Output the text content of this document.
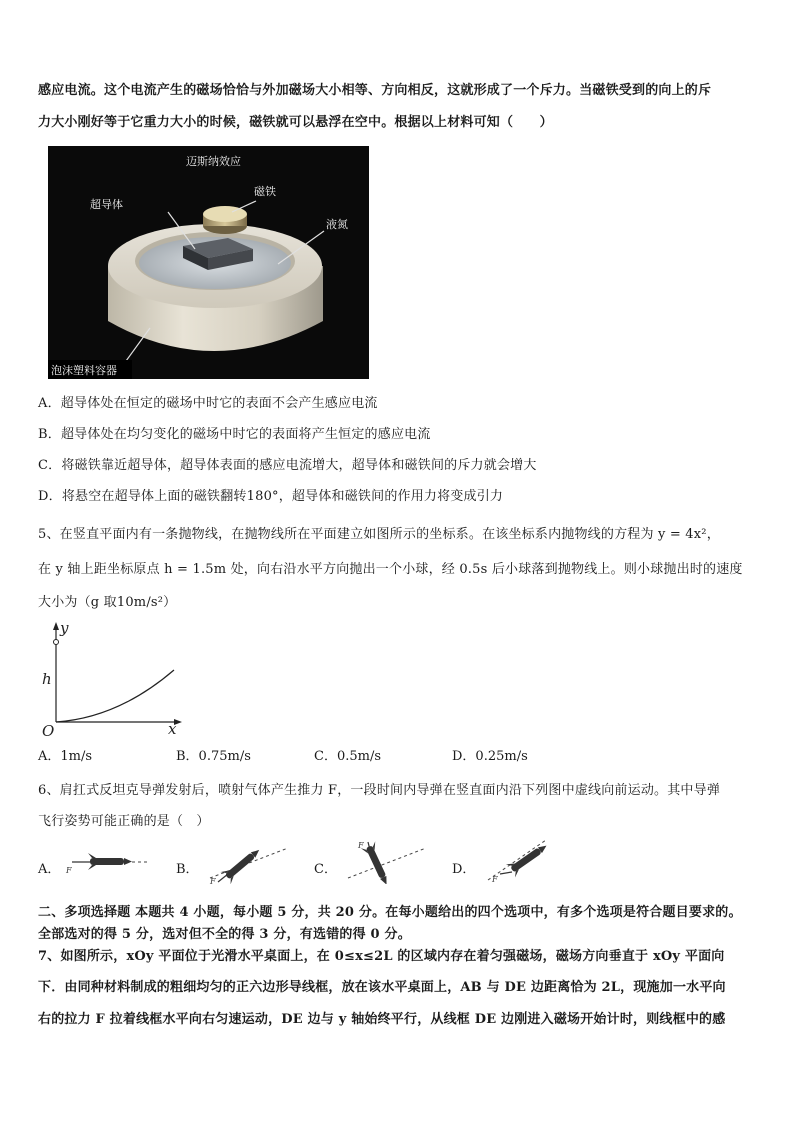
感应电流。这个电流产生的磁场恰恰与外加磁场大小相等、方向相反，这就形成了一个斥力。当磁铁受到的向上的斥
力大小刚好等于它重力大小的时候，磁铁就可以悬浮在空中。根据以上材料可知（　　）
迈斯纳效应
超导体
磁铁
液氮
泡沫塑料容器
A．超导体处在恒定的磁场中时它的表面不会产生感应电流
B．超导体处在均匀变化的磁场中时它的表面将产生恒定的感应电流
C．将磁铁靠近超导体，超导体表面的感应电流增大，超导体和磁铁间的斥力就会增大
D．将悬空在超导体上面的磁铁翻转180°，超导体和磁铁间的作用力将变成引力
5、在竖直平面内有一条抛物线，在抛物线所在平面建立如图所示的坐标系。在该坐标系内抛物线的方程为 y = 4x²，
在 y 轴上距坐标原点 h = 1.5m 处，向右沿水平方向抛出一个小球，经 0.5s 后小球落到抛物线上。则小球抛出时的速度
大小为（g 取10m/s²）
y
x
h
O
A．1m/s	B．0.75m/s	C．0.5m/s	D．0.25m/s
6、肩扛式反坦克导弹发射后，喷射气体产生推力 F，一段时间内导弹在竖直面内沿下列图中虚线向前运动。其中导弹
飞行姿势可能正确的是（　）
A． F	B．
F
C．
F
D．
F
二、多项选择题 本题共 4 小题，每小题 5 分，共 20 分。在每小题给出的四个选项中，有多个选项是符合题目要求的。
全部选对的得 5 分，选对但不全的得 3 分，有选错的得 0 分。
7、如图所示，xOy 平面位于光滑水平桌面上，在 0≤x≤2L 的区域内存在着匀强磁场，磁场方向垂直于 xOy 平面向
下．由同种材料制成的粗细均匀的正六边形导线框，放在该水平桌面上，AB 与 DE 边距离恰为 2L，现施加一水平向
右的拉力 F 拉着线框水平向右匀速运动，DE 边与 y 轴始终平行，从线框 DE 边刚进入磁场开始计时，则线框中的感
